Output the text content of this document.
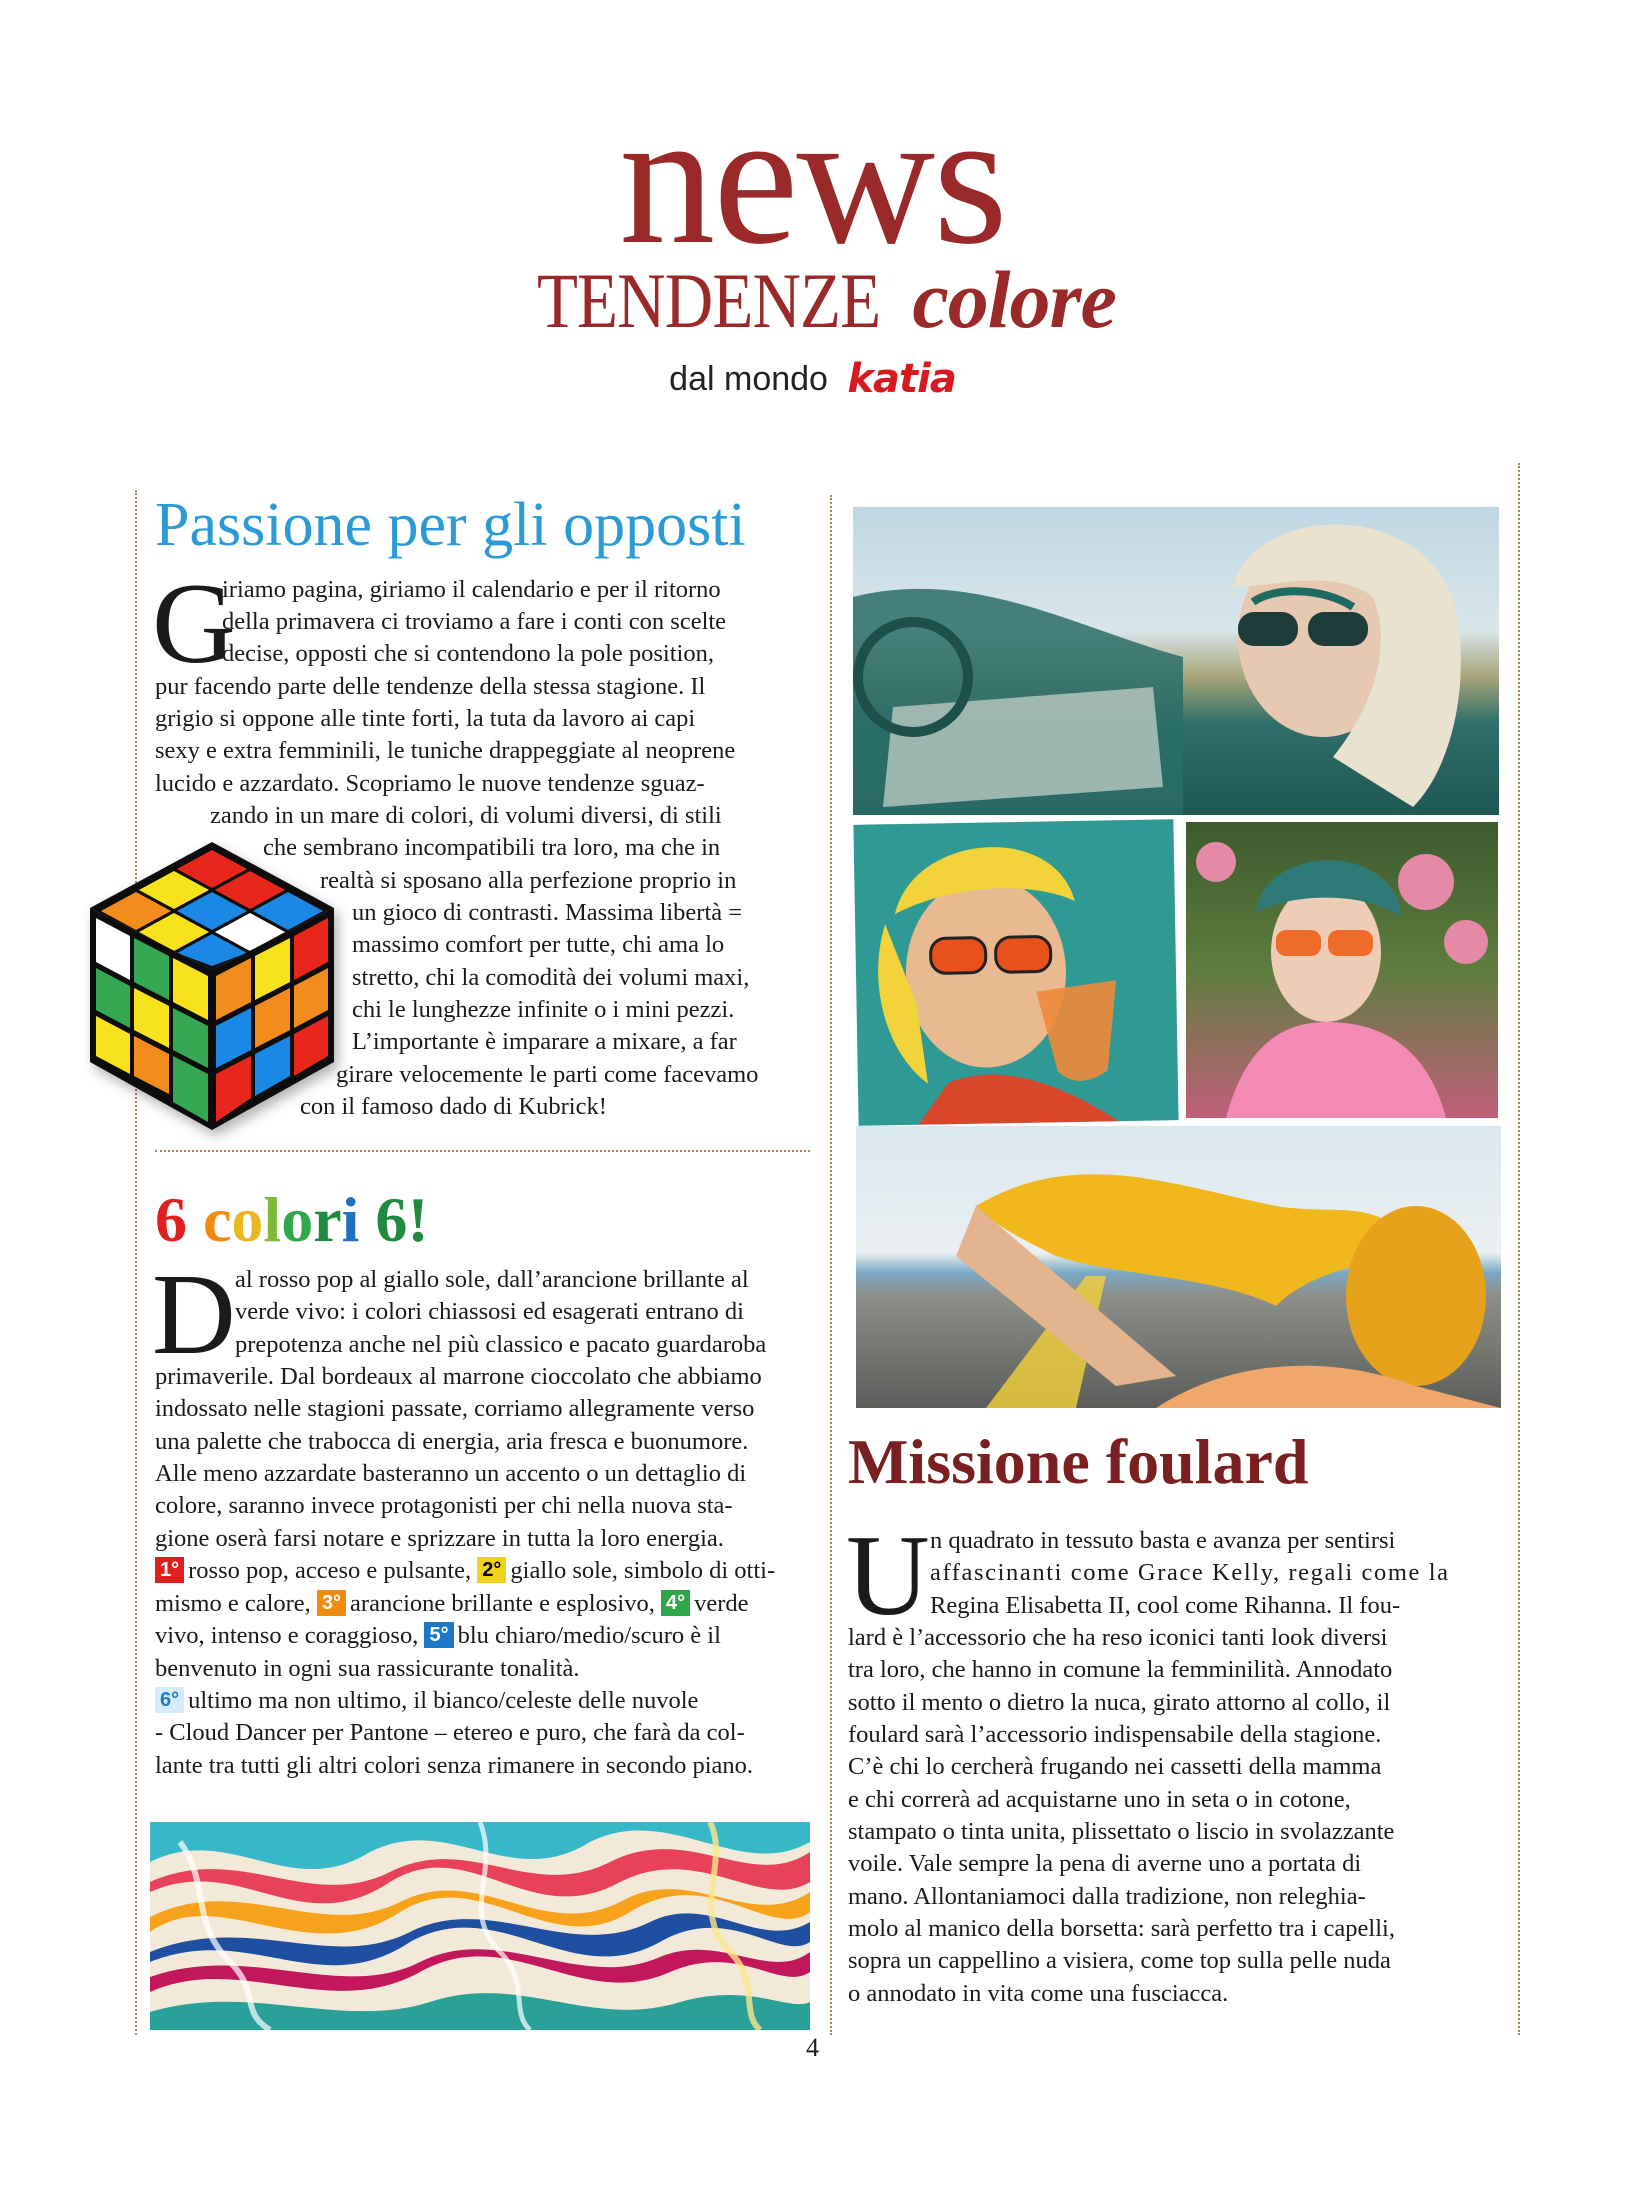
news
TENDENZE colore
dal mondo katia
Passione per gli opposti
G
iriamo pagina, giriamo il calendario e per il ritorno
della primavera ci troviamo a fare i conti con scelte
decise, opposti che si contendono la pole position,
pur facendo parte delle tendenze della stessa stagione. Il
grigio si oppone alle tinte forti, la tuta da lavoro ai capi
sexy e extra femminili, le tuniche drappeggiate al neoprene
lucido e azzardato. Scopriamo le nuove tendenze sguaz-
zando in un mare di colori, di volumi diversi, di stili
che sembrano incompatibili tra loro, ma che in
realtà si sposano alla perfezione proprio in
un gioco di contrasti. Massima libertà =
massimo comfort per tutte, chi ama lo
stretto, chi la comodità dei volumi maxi,
chi le lunghezze infinite o i mini pezzi.
L’importante è imparare a mixare, a far
girare velocemente le parti come facevamo
con il famoso dado di Kubrick!
6 colori 6!
D al rosso pop al giallo sole, dall’arancione brillante al
verde vivo: i colori chiassosi ed esagerati entrano di
prepotenza anche nel più classico e pacato guardaroba
primaverile. Dal bordeaux al marrone cioccolato che abbiamo
indossato nelle stagioni passate, corriamo allegramente verso
una palette che trabocca di energia, aria fresca e buonumore.
Alle meno azzardate basteranno un accento o un dettaglio di
colore, saranno invece protagonisti per chi nella nuova sta-
gione oserà farsi notare e sprizzare in tutta la loro energia.
1° rosso pop, acceso e pulsante, 2° giallo sole, simbolo di otti-
mismo e calore, 3° arancione brillante e esplosivo, 4° verde
vivo, intenso e coraggioso, 5° blu chiaro/medio/scuro è il
benvenuto in ogni sua rassicurante tonalità.
6° ultimo ma non ultimo, il bianco/celeste delle nuvole
- Cloud Dancer per Pantone – etereo e puro, che farà da col-
lante tra tutti gli altri colori senza rimanere in secondo piano.
Missione foulard
U n quadrato in tessuto basta e avanza per sentirsi
affascinanti come Grace Kelly, regali come la
Regina Elisabetta II, cool come Rihanna. Il fou-
lard è l’accessorio che ha reso iconici tanti look diversi
tra loro, che hanno in comune la femminilità. Annodato
sotto il mento o dietro la nuca, girato attorno al collo, il
foulard sarà l’accessorio indispensabile della stagione.
C’è chi lo cercherà frugando nei cassetti della mamma
e chi correrà ad acquistarne uno in seta o in cotone,
stampato o tinta unita, plissettato o liscio in svolazzante
voile. Vale sempre la pena di averne uno a portata di
mano. Allontaniamoci dalla tradizione, non releghia-
molo al manico della borsetta: sarà perfetto tra i capelli,
sopra un cappellino a visiera, come top sulla pelle nuda
o annodato in vita come una fusciacca.
4
